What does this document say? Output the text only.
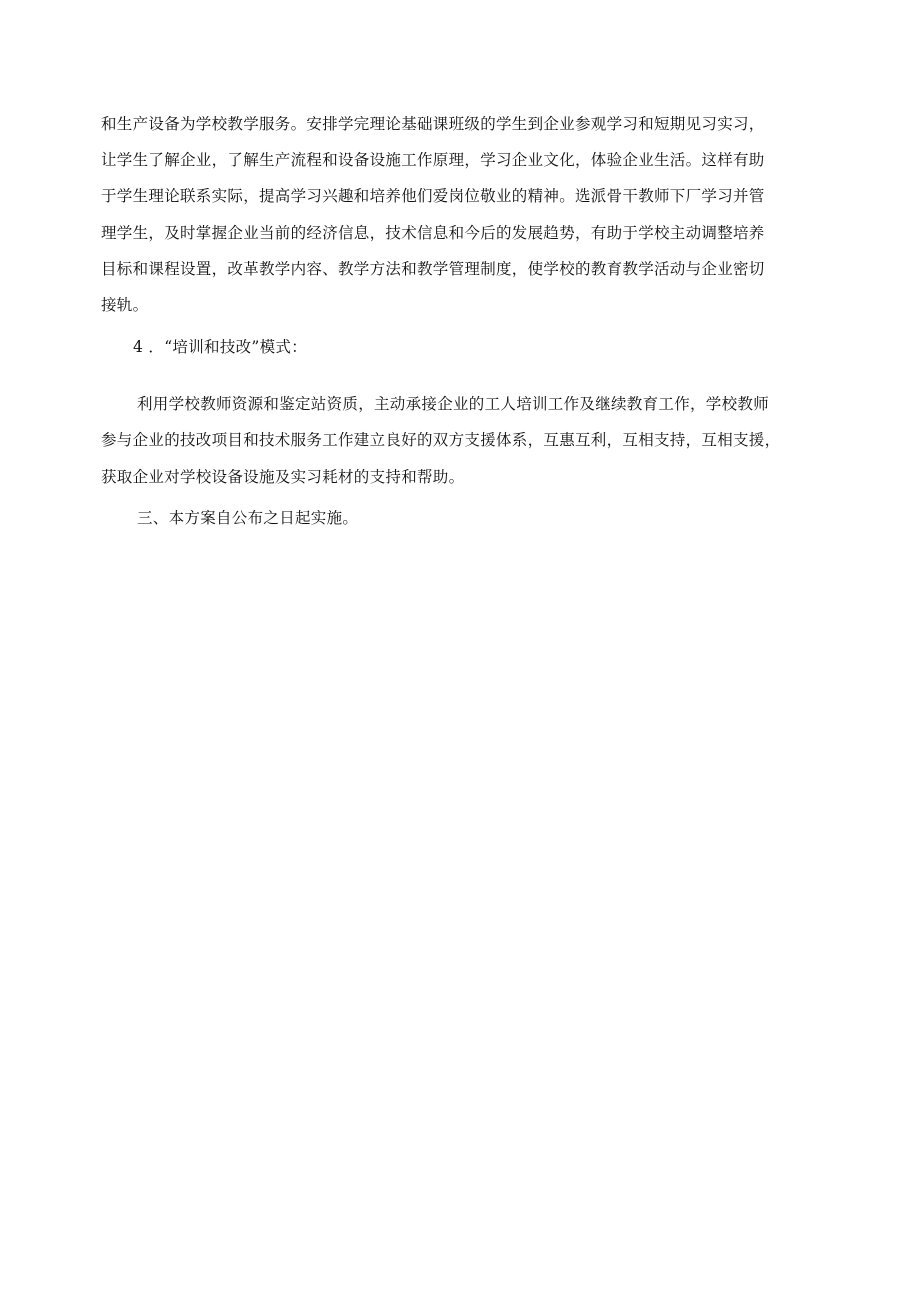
和生产设备为学校教学服务。安排学完理论基础课班级的学生到企业参观学习和短期见习实习，
让学生了解企业，了解生产流程和设备设施工作原理，学习企业文化，体验企业生活。这样有助
于学生理论联系实际，提高学习兴趣和培养他们爱岗位敬业的精神。选派骨干教师下厂学习并管
理学生，及时掌握企业当前的经济信息，技术信息和今后的发展趋势，有助于学校主动调整培养
目标和课程设置，改革教学内容、教学方法和教学管理制度，使学校的教育教学活动与企业密切
接轨。
4 ．“培训和技改”模式：
利用学校教师资源和鉴定站资质，主动承接企业的工人培训工作及继续教育工作，学校教师
参与企业的技改项目和技术服务工作建立良好的双方支援体系，互惠互利，互相支持，互相支援，
获取企业对学校设备设施及实习耗材的支持和帮助。
三、本方案自公布之日起实施。
